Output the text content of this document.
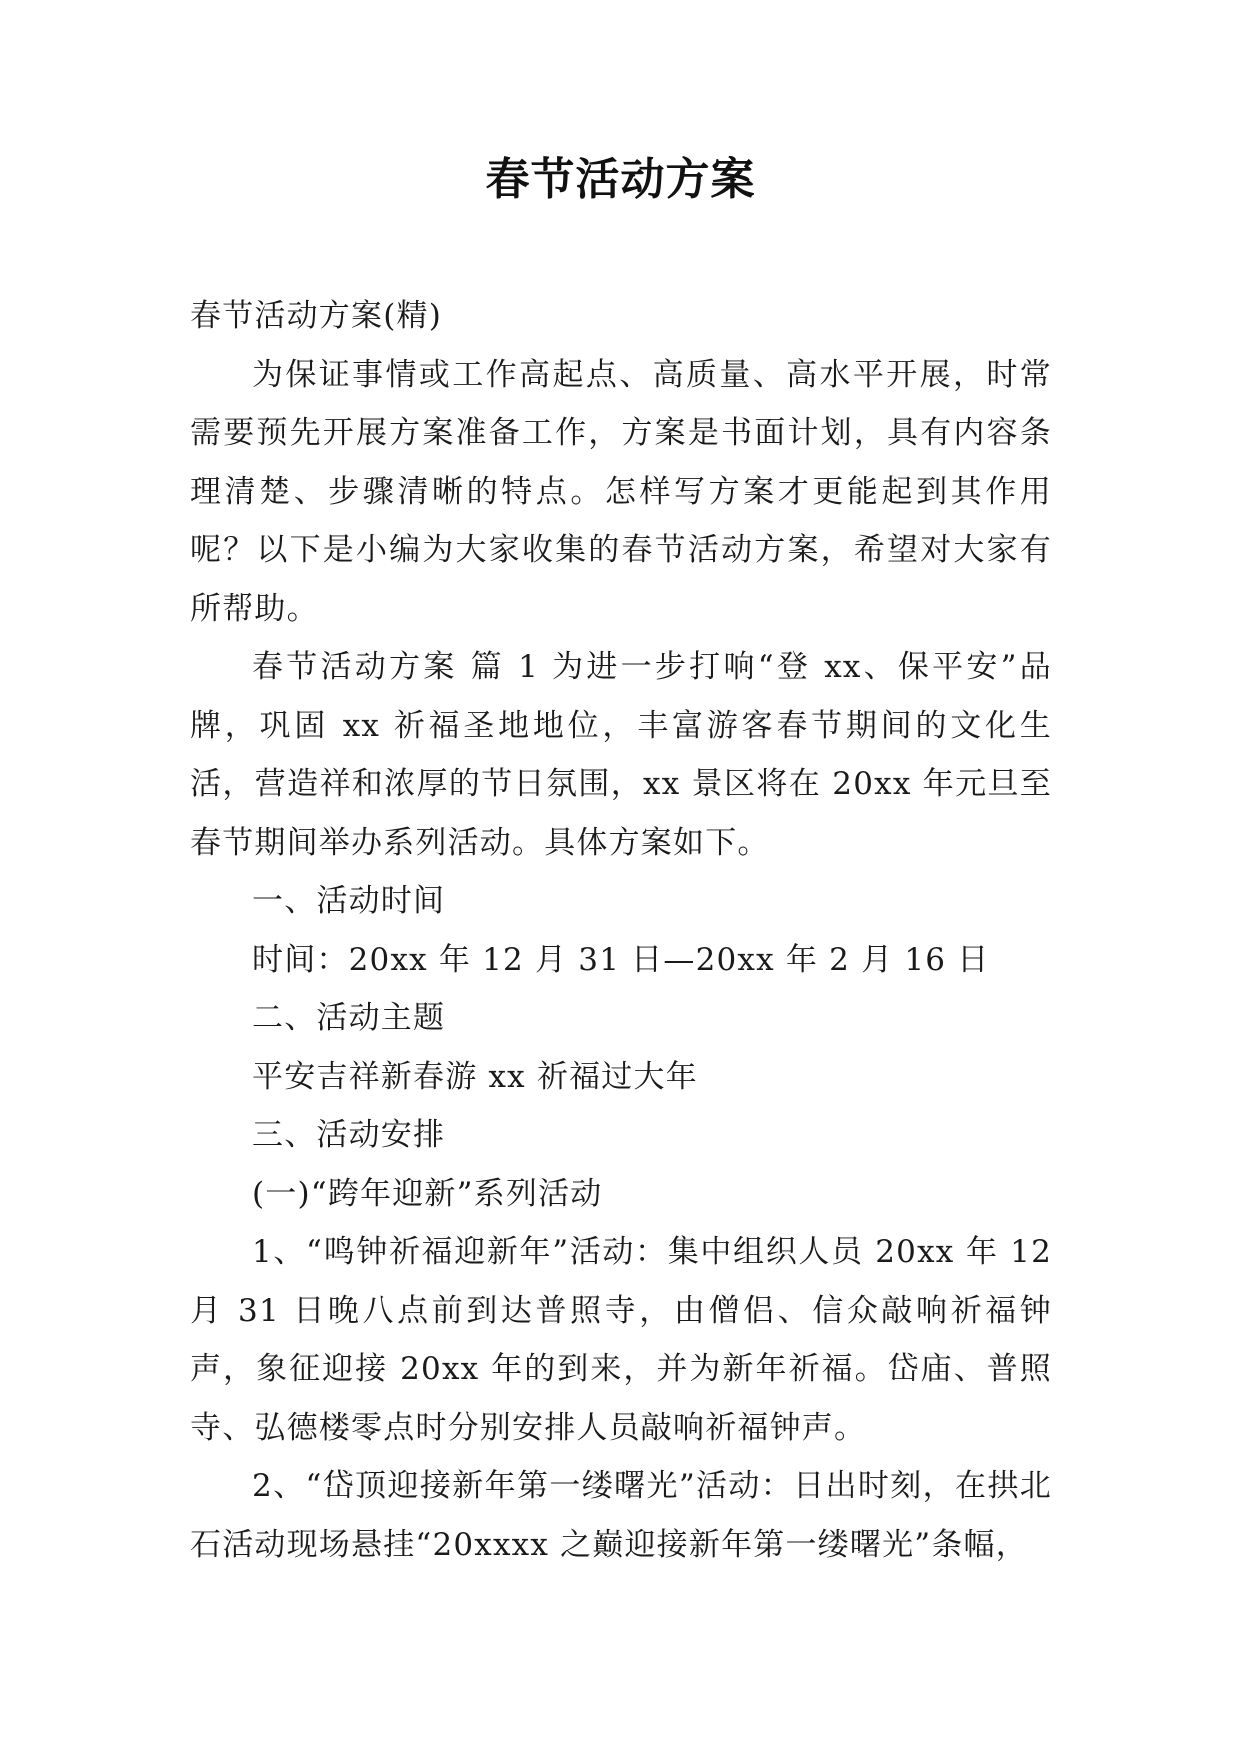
春节活动方案

春节活动方案(精)

为保证事情或工作高起点、高质量、高水平开展，时常需要预先开展方案准备工作，方案是书面计划，具有内容条理清楚、步骤清晰的特点。怎样写方案才更能起到其作用呢？以下是小编为大家收集的春节活动方案，希望对大家有所帮助。

春节活动方案 篇 1 为进一步打响“登 xx、保平安”品牌，巩固 xx 祈福圣地地位，丰富游客春节期间的文化生活，营造祥和浓厚的节日氛围，xx 景区将在 20xx 年元旦至春节期间举办系列活动。具体方案如下。

一、活动时间

时间：20xx 年 12 月 31 日—20xx 年 2 月 16 日

二、活动主题

平安吉祥新春游 xx 祈福过大年

三、活动安排

(一)“跨年迎新”系列活动

1、“鸣钟祈福迎新年”活动：集中组织人员 20xx 年 12 月 31 日晚八点前到达普照寺，由僧侣、信众敲响祈福钟声，象征迎接 20xx 年的到来，并为新年祈福。岱庙、普照寺、弘德楼零点时分别安排人员敲响祈福钟声。

2、“岱顶迎接新年第一缕曙光”活动：日出时刻，在拱北石活动现场悬挂“20xxxx 之巅迎接新年第一缕曙光”条幅，
